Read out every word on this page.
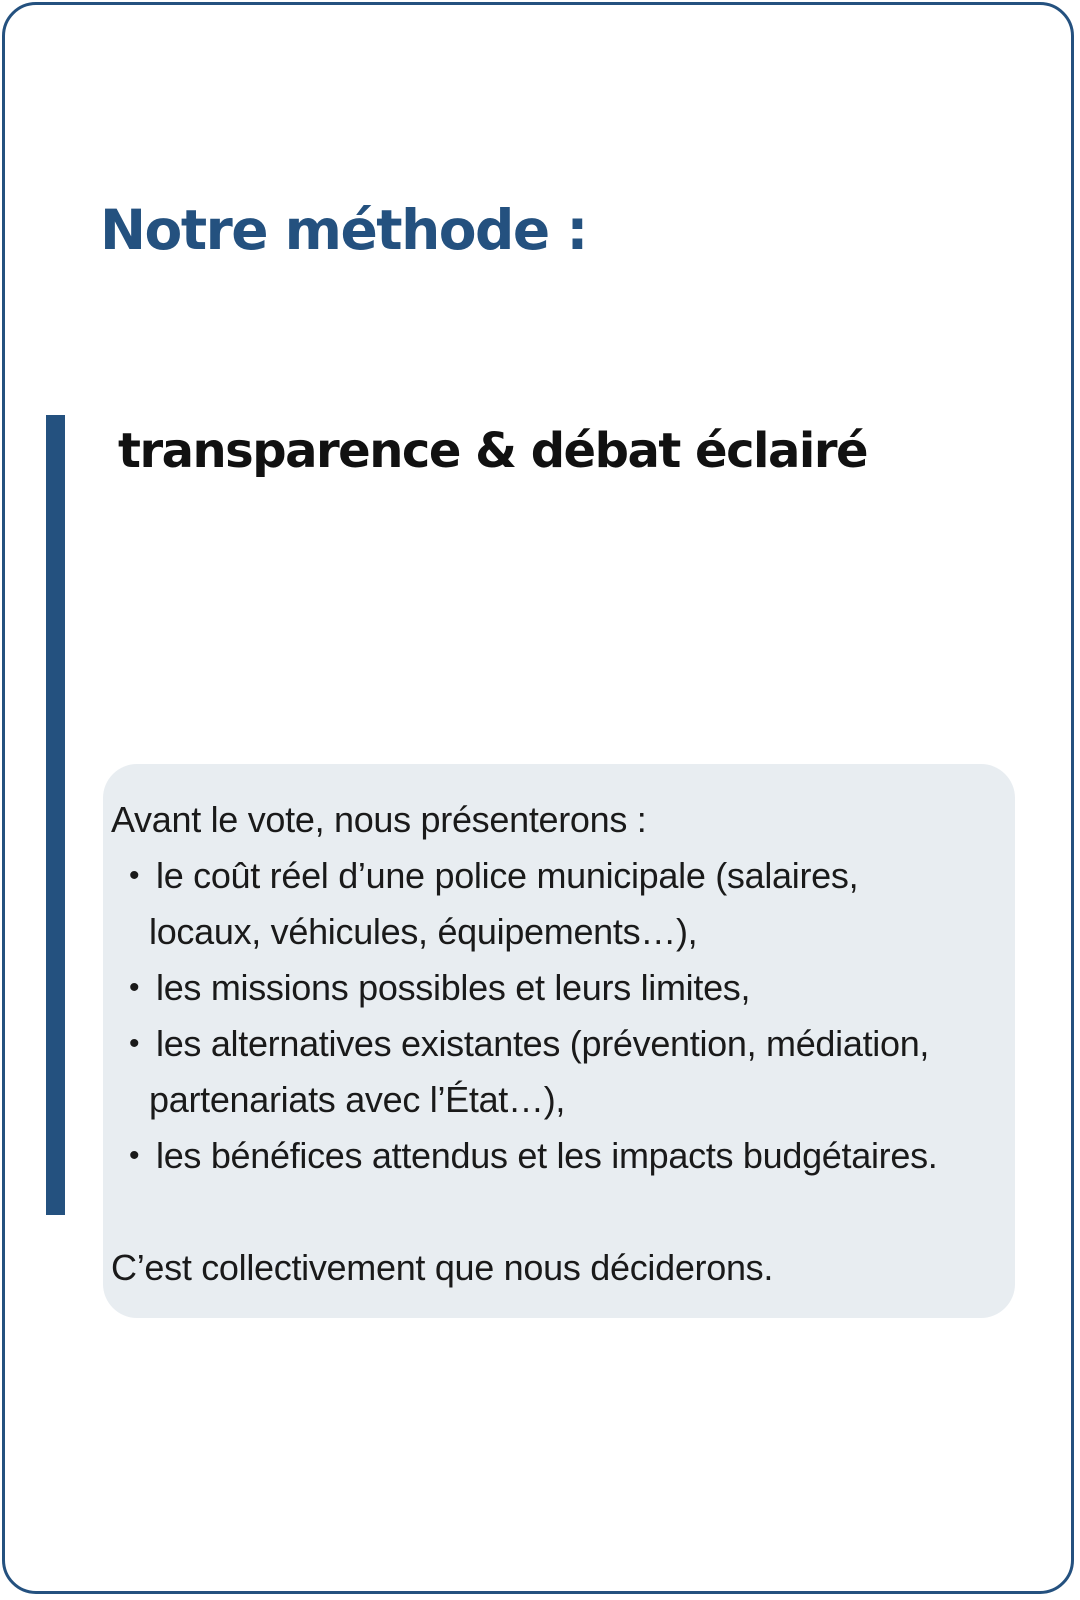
Notre méthode :
transparence & débat éclairé

Avant le vote, nous présenterons :

• le coût réel d’une police municipale (salaires,
locaux, véhicules, équipements…),
• les missions possibles et leurs limites,
• les alternatives existantes (prévention, médiation,
partenariats avec l’État…),
• les bénéfices attendus et les impacts budgétaires.

C’est collectivement que nous déciderons.
